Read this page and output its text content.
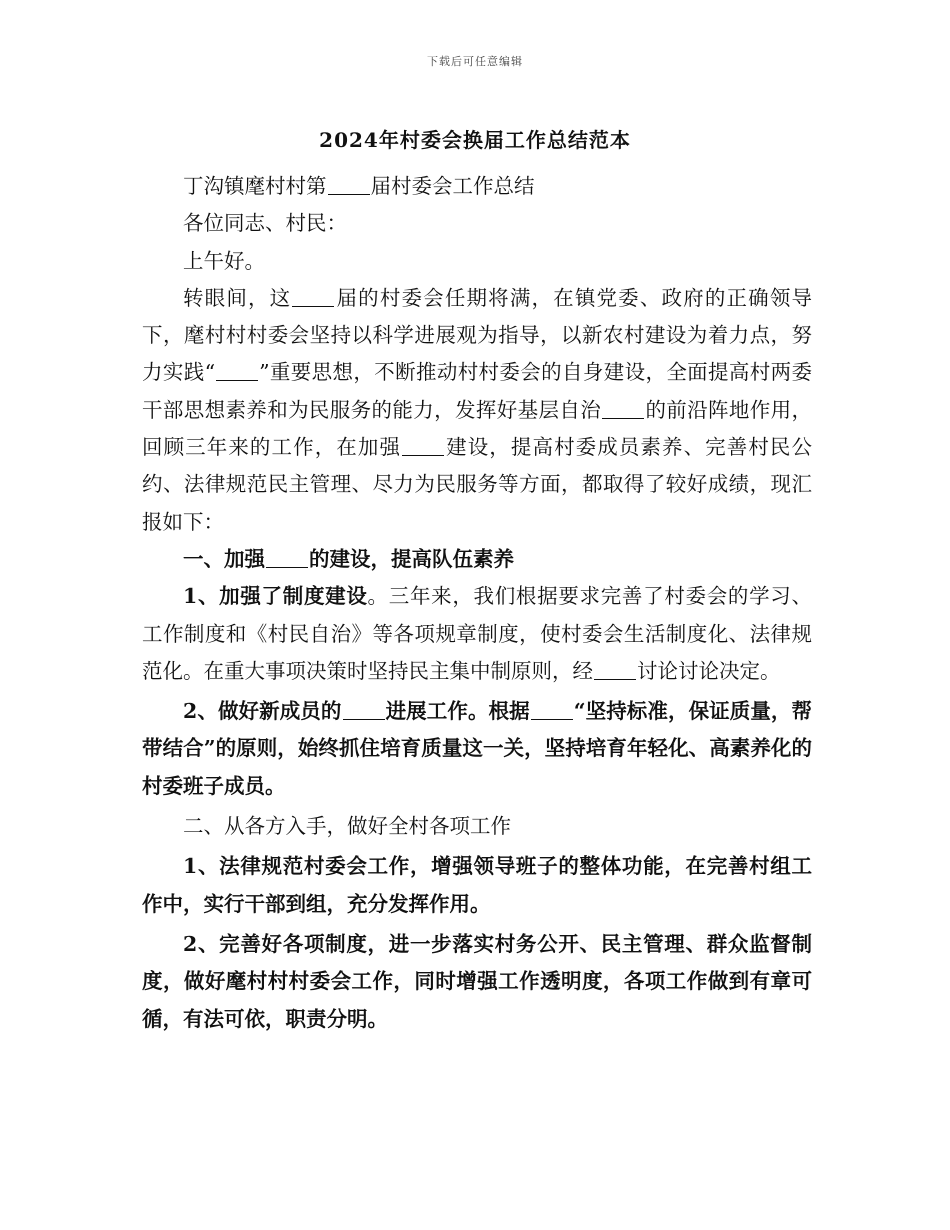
下载后可任意编辑
2024年村委会换届工作总结范本

丁沟镇麾村村第 届村委会工作总结

各位同志、村民：

上午好。

转眼间，这 届的村委会任期将满，在镇党委、政府的正确领导下，麾村村村委会坚持以科学进展观为指导，以新农村建设为着力点，努力实践“ ”重要思想，不断推动村村委会的自身建设，全面提高村两委干部思想素养和为民服务的能力，发挥好基层自治 的前沿阵地作用，回顾三年来的工作，在加强 建设，提高村委成员素养、完善村民公约、法律规范民主管理、尽力为民服务等方面，都取得了较好成绩，现汇报如下：

一、加强 的建设，提高队伍素养

1、加强了制度建设。三年来，我们根据要求完善了村委会的学习、工作制度和《村民自治》等各项规章制度，使村委会生活制度化、法律规范化。在重大事项决策时坚持民主集中制原则，经 讨论讨论决定。

2、做好新成员的 进展工作。根据 “坚持标准，保证质量，帮带结合”的原则，始终抓住培育质量这一关，坚持培育年轻化、高素养化的村委班子成员。

二、从各方入手，做好全村各项工作

1、法律规范村委会工作，增强领导班子的整体功能，在完善村组工作中，实行干部到组，充分发挥作用。

2、完善好各项制度，进一步落实村务公开、民主管理、群众监督制度，做好麾村村村委会工作，同时增强工作透明度，各项工作做到有章可循，有法可依，职责分明。
